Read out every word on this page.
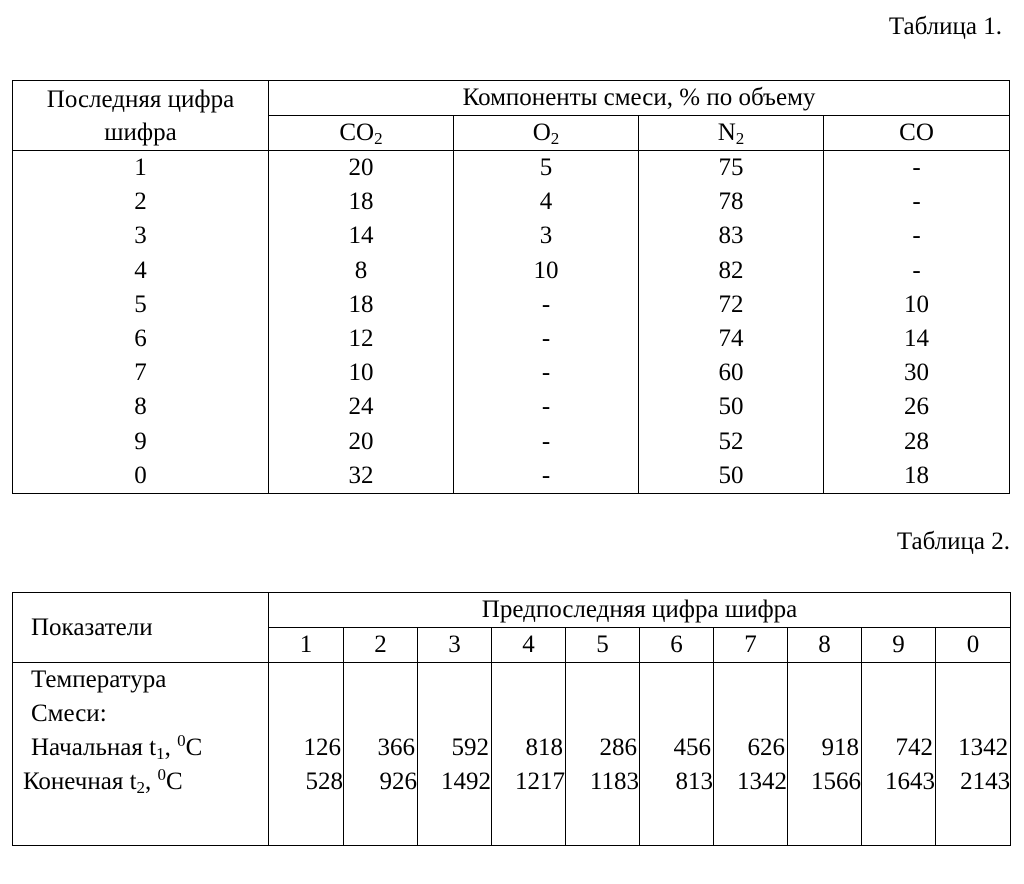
Таблица 1.
Последняя цифра
шифра	Компоненты смеси, % по объему			
	$CO_2$	$O_2$	$N_2$	CO
1	20	5	75	-
2	18	4	78	-
3	14	3	83	-
4	8	10	82	-
5	18	-	72	10
6	12	-	74	14
7	10	-	60	30
8	24	-	50	26
9	20	-	52	28
0	32	-	50	18
Таблица 2.
Показатели	Предпоследняя цифра шифра									
	1	2	3	4	5	6	7	8	9	0

Температура
Смеси:
Начальная $t_1$, $^0$C	126	366	592	818	286	456	626	918	742	1342
Конечная $t_2$, $^0$C	528	926	1492	1217	1183	813	1342	1566	1643	2143
